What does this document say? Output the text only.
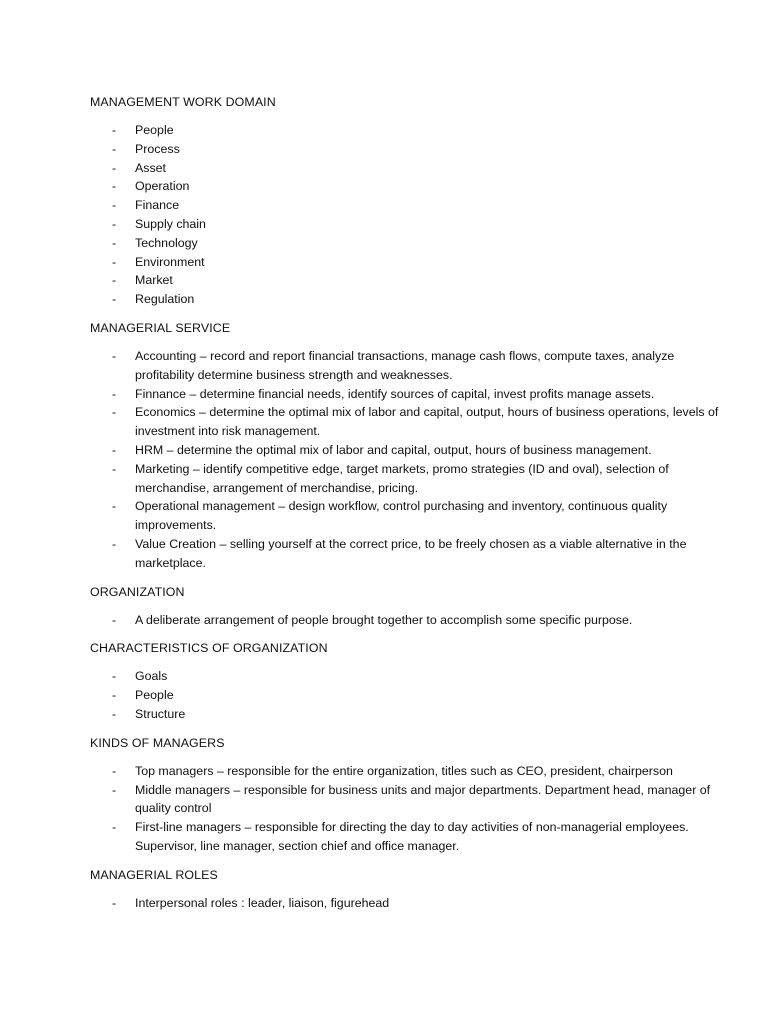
MANAGEMENT WORK DOMAIN

- People
- Process
- Asset
- Operation
- Finance
- Supply chain
- Technology
- Environment
- Market
- Regulation

MANAGERIAL SERVICE

- Accounting – record and report financial transactions, manage cash flows, compute taxes, analyze profitability determine business strength and weaknesses.
- Finnance – determine financial needs, identify sources of capital, invest profits manage assets.
- Economics – determine the optimal mix of labor and capital, output, hours of business operations, levels of investment into risk management.
- HRM – determine the optimal mix of labor and capital, output, hours of business management.
- Marketing – identify competitive edge, target markets, promo strategies (ID and oval), selection of merchandise, arrangement of merchandise, pricing.
- Operational management – design workflow, control purchasing and inventory, continuous quality improvements.
- Value Creation – selling yourself at the correct price, to be freely chosen as a viable alternative in the marketplace.

ORGANIZATION

- A deliberate arrangement of people brought together to accomplish some specific purpose.

CHARACTERISTICS OF ORGANIZATION

- Goals
- People
- Structure

KINDS OF MANAGERS

- Top managers – responsible for the entire organization, titles such as CEO, president, chairperson
- Middle managers – responsible for business units and major departments. Department head, manager of quality control
- First-line managers – responsible for directing the day to day activities of non-managerial employees. Supervisor, line manager, section chief and office manager.

MANAGERIAL ROLES

- Interpersonal roles : leader, liaison, figurehead
